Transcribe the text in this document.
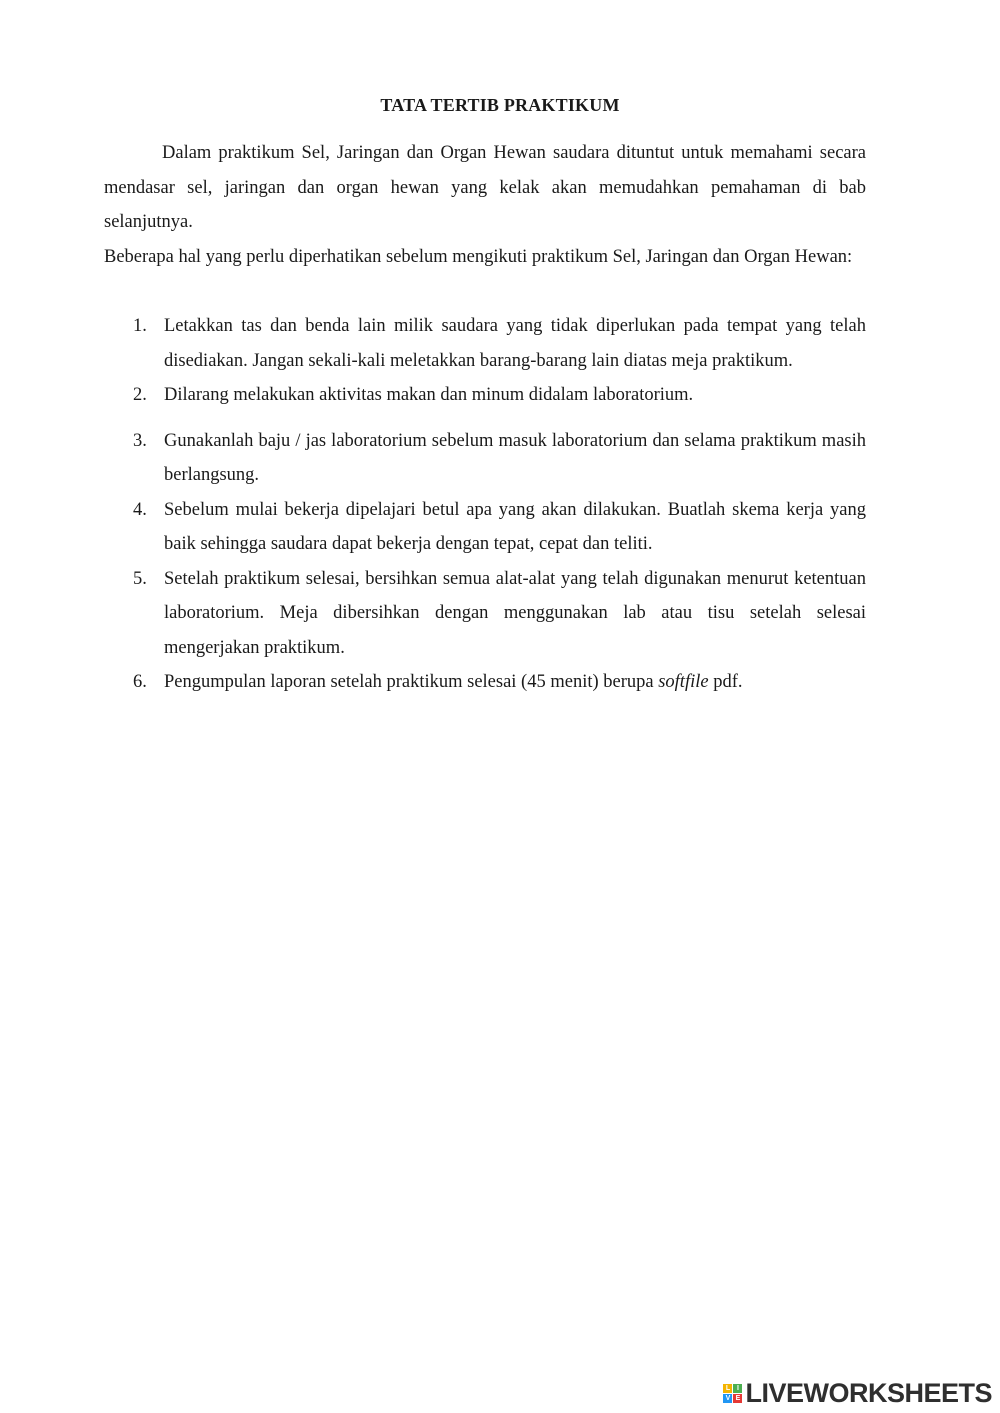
TATA TERTIB PRAKTIKUM
Dalam praktikum Sel, Jaringan dan Organ Hewan saudara dituntut untuk memahami secara mendasar sel, jaringan dan organ hewan yang kelak akan memudahkan pemahaman di bab selanjutnya.
Beberapa hal yang perlu diperhatikan sebelum mengikuti praktikum Sel, Jaringan dan Organ Hewan:
1. Letakkan tas dan benda lain milik saudara yang tidak diperlukan pada tempat yang telah disediakan. Jangan sekali-kali meletakkan barang-barang lain diatas meja praktikum.
2. Dilarang melakukan aktivitas makan dan minum didalam laboratorium.
3. Gunakanlah baju / jas laboratorium sebelum masuk laboratorium dan selama praktikum masih berlangsung.
4. Sebelum mulai bekerja dipelajari betul apa yang akan dilakukan. Buatlah skema kerja yang baik sehingga saudara dapat bekerja dengan tepat, cepat dan teliti.
5. Setelah praktikum selesai, bersihkan semua alat-alat yang telah digunakan menurut ketentuan laboratorium. Meja dibersihkan dengan menggunakan lab atau tisu setelah selesai mengerjakan praktikum.
6. Pengumpulan laporan setelah praktikum selesai (45 menit) berupa softfile pdf.
L I
V E LIVEWORKSHEETS
